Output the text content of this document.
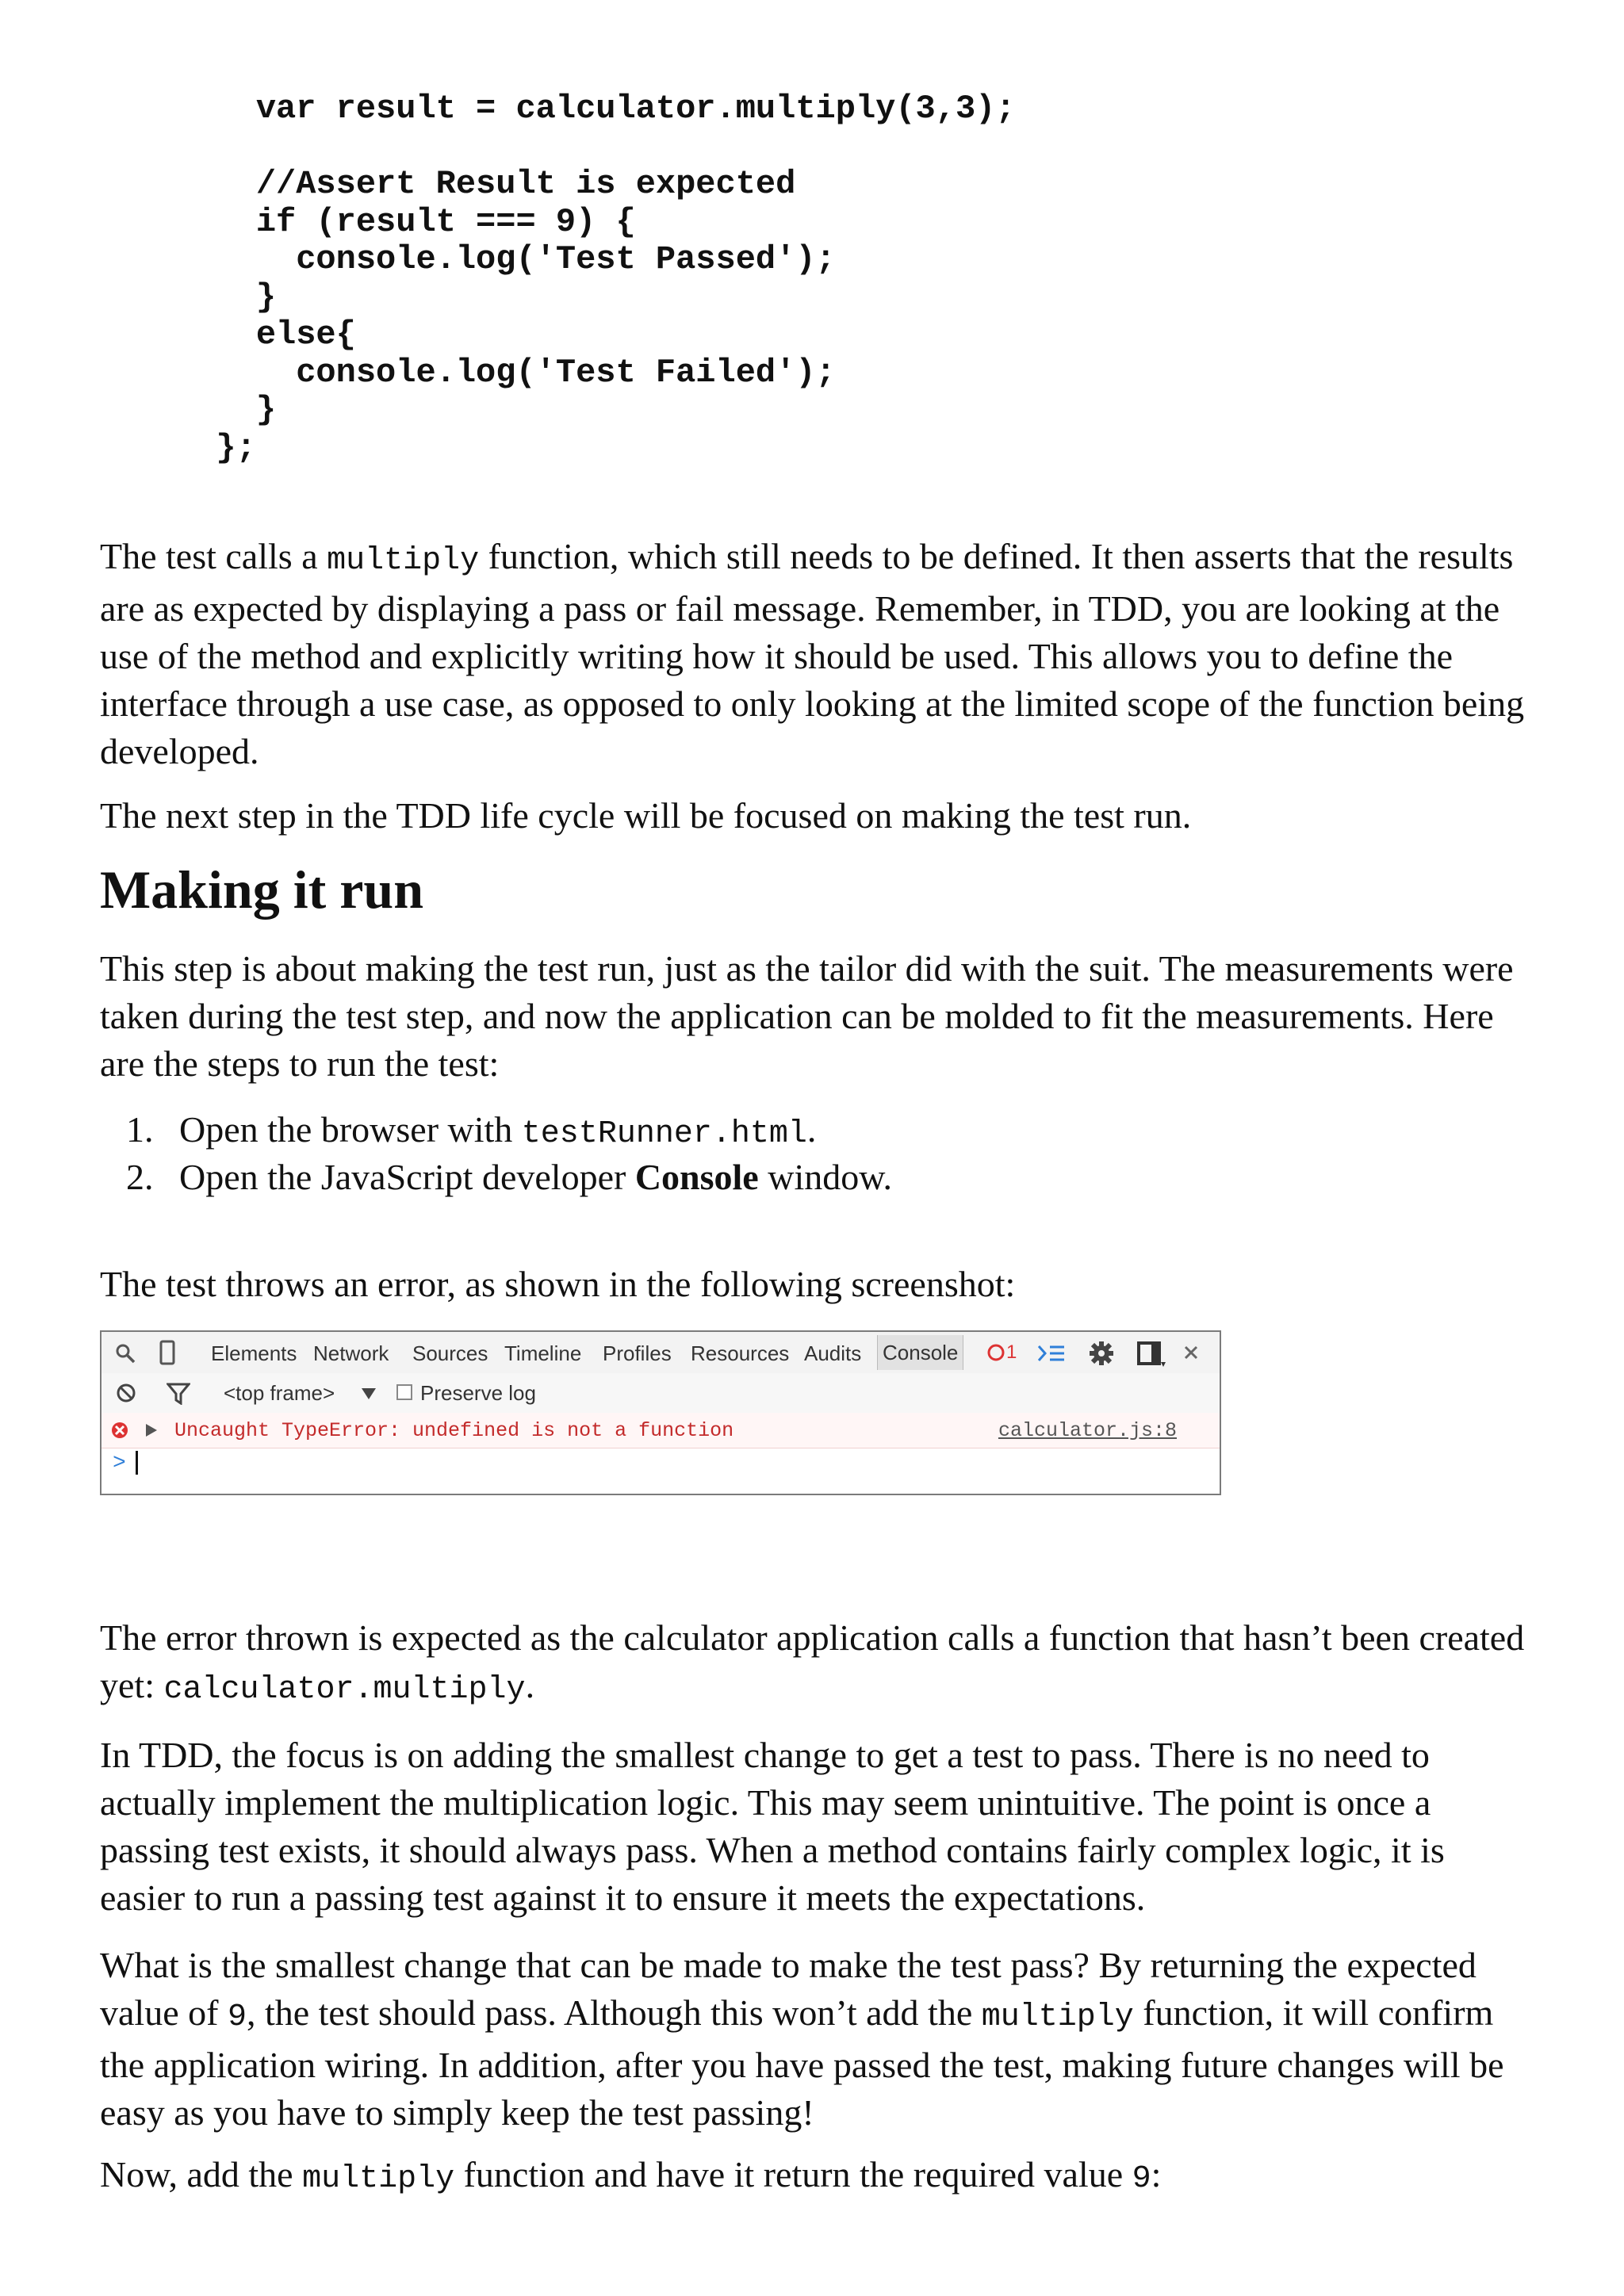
var result = calculator.multiply(3,3);
//Assert Result is expected
if (result === 9) {
console.log('Test Passed');
}
else{
console.log('Test Failed');
}
};

The test calls a multiply function, which still needs to be defined. It then asserts that the results are as expected by displaying a pass or fail message. Remember, in TDD, you are looking at the use of the method and explicitly writing how it should be used. This allows you to define the interface through a use case, as opposed to only looking at the limited scope of the function being developed.

The next step in the TDD life cycle will be focused on making the test run.

Making it run

This step is about making the test run, just as the tailor did with the suit. The measurements were taken during the test step, and now the application can be molded to fit the measurements. Here are the steps to run the test:

1. Open the browser with testRunner.html.
2. Open the JavaScript developer Console window.

The test throws an error, as shown in the following screenshot:

Elements Network Sources Timeline Profiles Resources Audits Console	1
<top frame>	Preserve log
Uncaught TypeError: undefined is not a function	calculator.js:8
>

The error thrown is expected as the calculator application calls a function that hasn’t been created yet: calculator.multiply.

In TDD, the focus is on adding the smallest change to get a test to pass. There is no need to actually implement the multiplication logic. This may seem unintuitive. The point is once a passing test exists, it should always pass. When a method contains fairly complex logic, it is easier to run a passing test against it to ensure it meets the expectations.

What is the smallest change that can be made to make the test pass? By returning the expected value of 9, the test should pass. Although this won’t add the multiply function, it will confirm the application wiring. In addition, after you have passed the test, making future changes will be easy as you have to simply keep the test passing!

Now, add the multiply function and have it return the required value 9:
